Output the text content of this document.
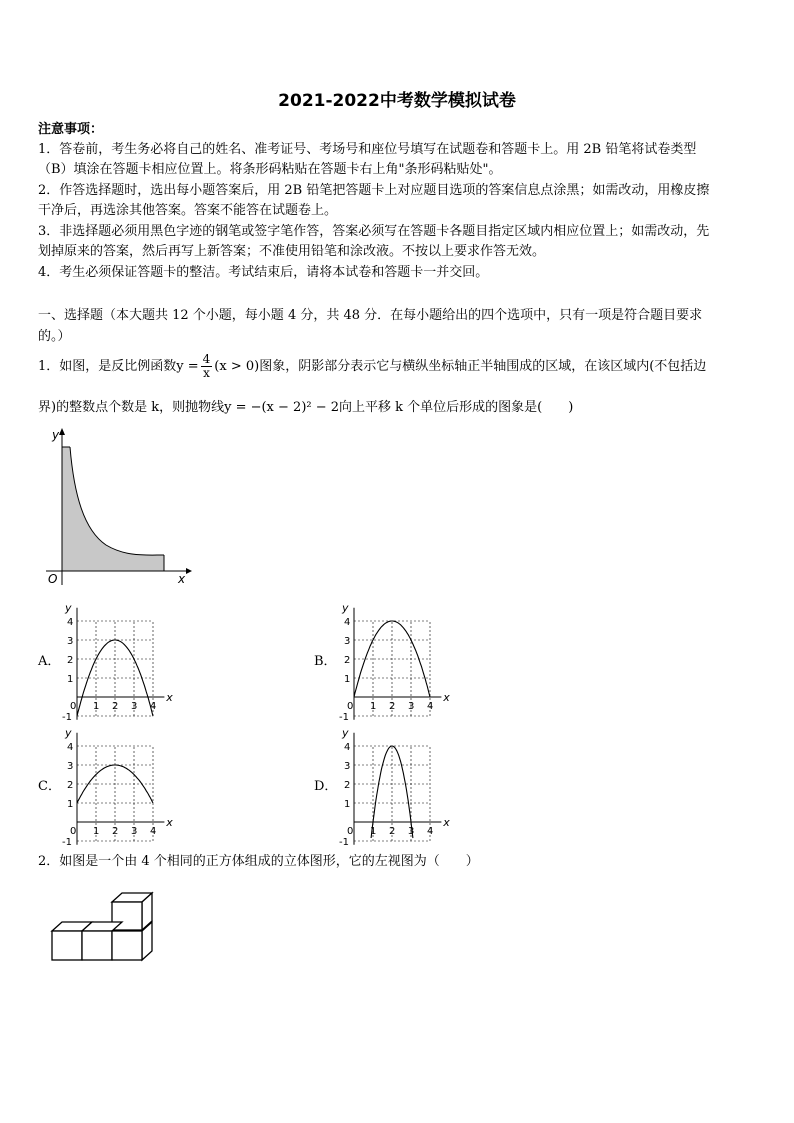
2021-2022中考数学模拟试卷
注意事项：
1．答卷前，考生务必将自己的姓名、准考证号、考场号和座位号填写在试题卷和答题卡上。用 2B 铅笔将试卷类型
（B）填涂在答题卡相应位置上。将条形码粘贴在答题卡右上角"条形码粘贴处"。
2．作答选择题时，选出每小题答案后，用 2B 铅笔把答题卡上对应题目选项的答案信息点涂黑；如需改动，用橡皮擦
干净后，再选涂其他答案。答案不能答在试题卷上。
3．非选择题必须用黑色字迹的钢笔或签字笔作答，答案必须写在答题卡各题目指定区域内相应位置上；如需改动，先
划掉原来的答案，然后再写上新答案；不准使用铅笔和涂改液。不按以上要求作答无效。
4．考生必须保证答题卡的整洁。考试结束后，请将本试卷和答题卡一并交回。
一、选择题（本大题共 12 个小题，每小题 4 分，共 48 分．在每小题给出的四个选项中，只有一项是符合题目要求
的。）
1．如图，是反比例函数$y = \frac{4}{x} (x > 0)$图象，阴影部分表示它与横纵坐标轴正半轴围成的区域，在该区域内(不包括边
界)的整数点个数是 k，则抛物线y = −(x − 2)² − 2向上平移 k 个单位后形成的图象是(　　)
y
x
O
A．	B．
C．	D．
x
y
0 1 2 3 4
1
2
3
4
-1
x
y
0 1 2 3 4
1
2
3
4
-1
x
y
0 1 2 3 4
1
2
3
4
-1
x
y
0 1 2 3 4
1
2
3
4
-1
2．如图是一个由 4 个相同的正方体组成的立体图形，它的左视图为（　　）
